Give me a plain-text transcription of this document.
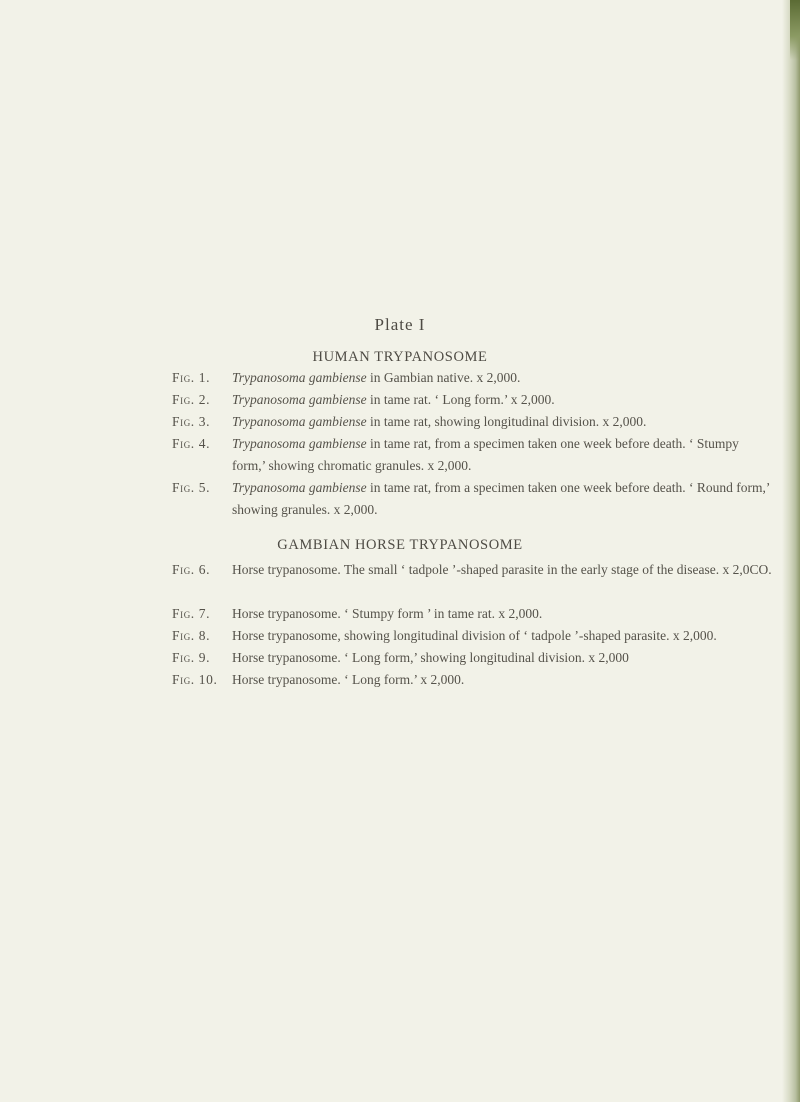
Plate I
HUMAN TRYPANOSOME
Fig. 1.	Trypanosoma gambiense in Gambian native. x 2,000.
Fig. 2.	Trypanosoma gambiense in tame rat. ‘ Long form.’ x 2,000.
Fig. 3.	Trypanosoma gambiense in tame rat, showing longitudinal division. x 2,000.
Fig. 4.	Trypanosoma gambiense in tame rat, from a specimen taken one week before death. ‘ Stumpy form,’ showing chromatic granules. x 2,000.
Fig. 5.	Trypanosoma gambiense in tame rat, from a specimen taken one week before death. ‘ Round form,’ showing granules. x 2,000.
GAMBIAN HORSE TRYPANOSOME
Fig. 6.	Horse trypanosome. The small ‘ tadpole ’-shaped parasite in the early stage of the disease. x 2,0CO.
Fig. 7.	Horse trypanosome. ‘ Stumpy form ’ in tame rat. x 2,000.
Fig. 8.	Horse trypanosome, showing longitudinal division of ‘ tadpole ’-shaped parasite. x 2,000.
Fig. 9.	Horse trypanosome. ‘ Long form,’ showing longitudinal division. x 2,000
Fig. 10.	Horse trypanosome. ‘ Long form.’ x 2,000.
